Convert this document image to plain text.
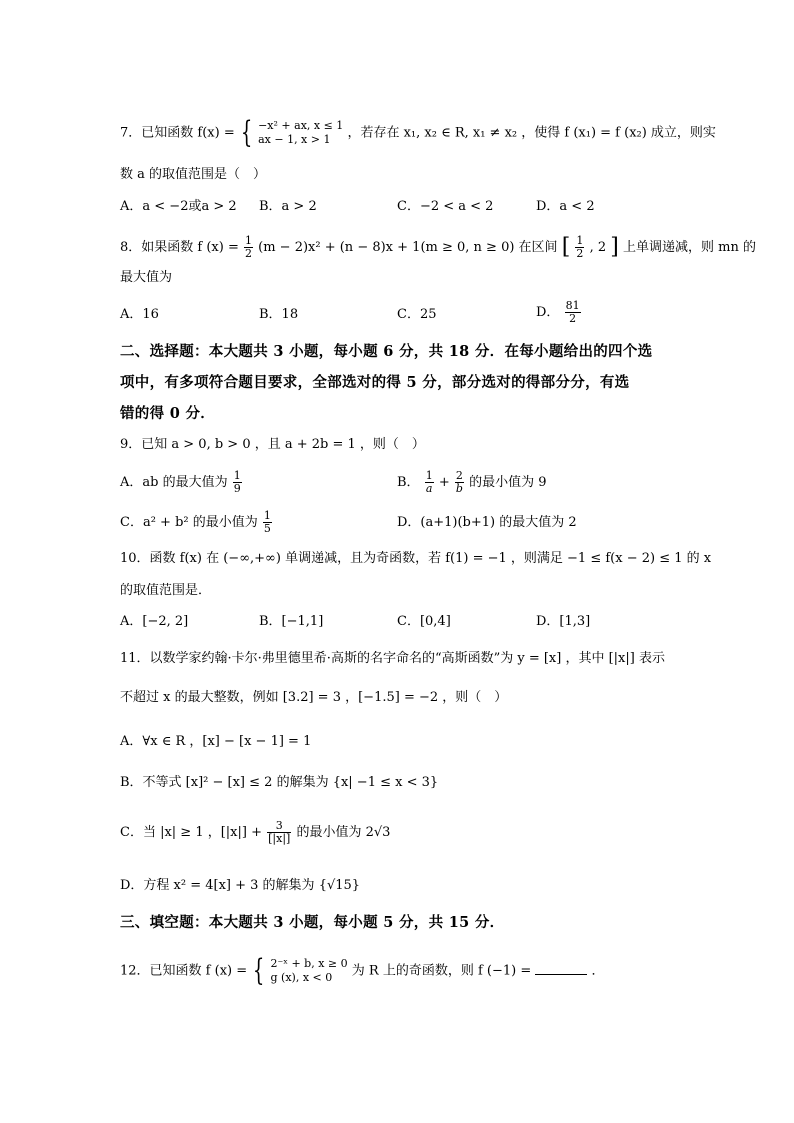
7．已知函数 f(x) = { −x² + ax, x ≤ 1
ax − 1, x > 1	，若存在 x₁, x₂ ∈ R, x₁ ≠ x₂ ，使得 f (x₁) = f (x₂) 成立，则实
数 a 的取值范围是（　）
A．a < −2或a > 2 B．a > 2	C．−2 < a < 2	D．a < 2
8．如果函数 f $(x) = \frac{1}{2} (m - 2)x^2 + (n - 8)x + 1(m \ge 0$, n ≥ 0) 在区间 [ $\frac{1}{2}$ , 2 ] 上单调递减，则 mn 的
最大值为
A．16	B．18	C．25	D． $\frac{81}{2}$
二、选择题：本大题共 3 小题，每小题 6 分，共 18 分．在每小题给出的四个选
项中，有多项符合题目要求，全部选对的得 5 分，部分选对的得部分分，有选
错的得 0 分．
9．已知 a > 0, b > 0 ，且 a + 2b = 1 ，则（　）
A．ab 的最大值为 $\frac{1}{9}$	B． $\frac{1}{a} + \frac{2}{b}$ 的最小值为 9
C．a² + b² 的最小值为 $\frac{1}{5}$	D．(a+1)(b+1) 的最大值为 2
10．函数 f(x) 在 (−∞,+∞) 单调递减，且为奇函数，若 f(1) = −1 ，则满足 −1 ≤ f(x − 2) ≤ 1 的 x
的取值范围是．
A．[−2, 2]	B．[−1,1]	C．[0,4]	D．[1,3]
11．以数学家约翰·卡尔·弗里德里希·高斯的名字命名的“高斯函数”为 y = [x] ，其中 [|x|] 表示
不超过 x 的最大整数，例如 [3.2] = 3 ，[−1.5] = −2 ，则（　）
A．∀x ∈ R ，[x] − [x − 1] = 1
B．不等式 [x]² − [x] ≤ 2 的解集为 {x| −1 ≤ x < 3}
C．当 |x| ≥ 1 ，$[|x|] + \frac{3}{[|x|]}$ 的最小值为 2√3
D．方程 x² = 4[x] + 3 的解集为 {√15}
三、填空题：本大题共 3 小题，每小题 5 分，共 15 分．
12．已知函数 f (x) = { 2⁻ˣ + b, x ≥ 0
g (x), x < 0	为 R 上的奇函数，则 f (−1) =	．
